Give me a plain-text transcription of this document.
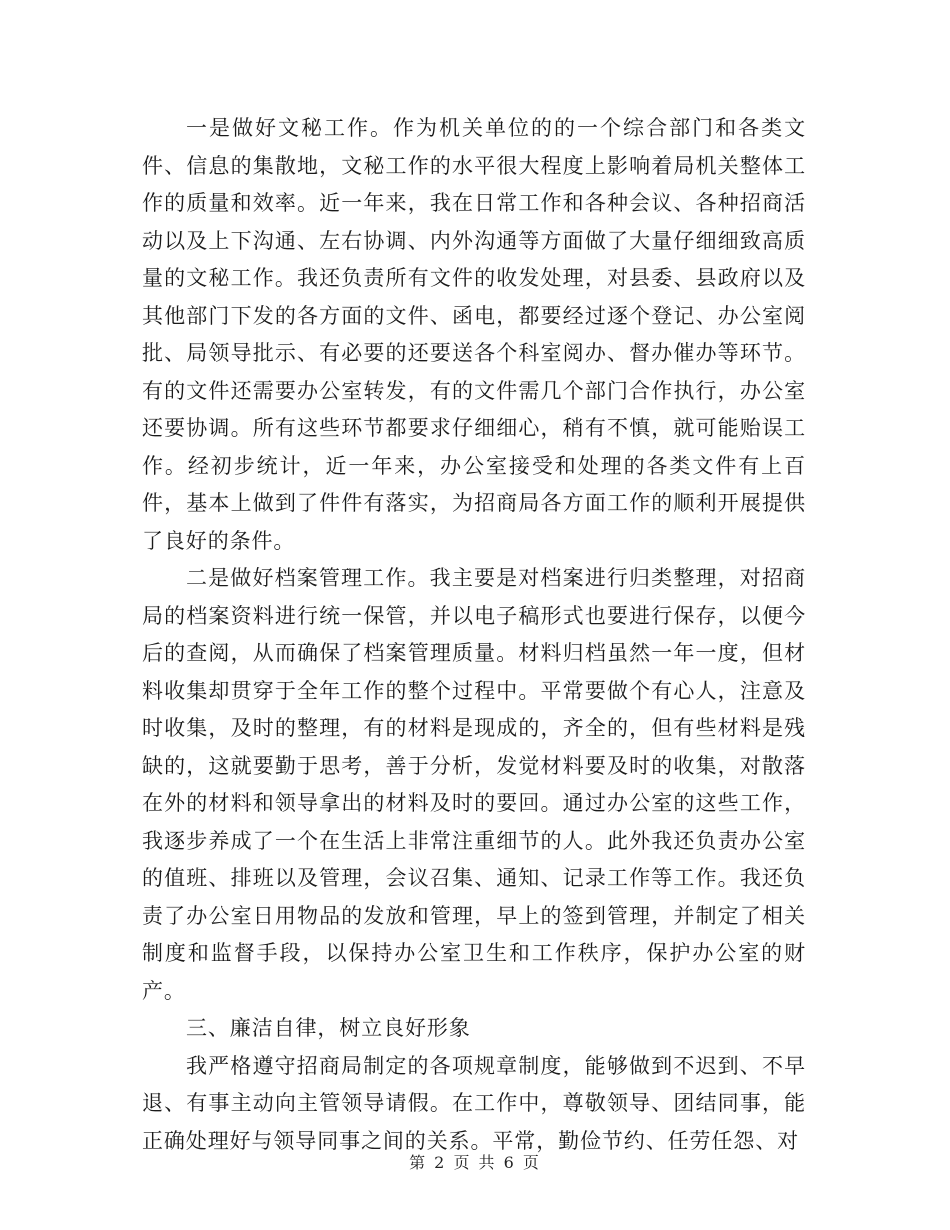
一是做好文秘工作。作为机关单位的的一个综合部门和各类文件、信息的集散地，文秘工作的水平很大程度上影响着局机关整体工作的质量和效率。近一年来，我在日常工作和各种会议、各种招商活动以及上下沟通、左右协调、内外沟通等方面做了大量仔细细致高质量的文秘工作。我还负责所有文件的收发处理，对县委、县政府以及其他部门下发的各方面的文件、函电，都要经过逐个登记、办公室阅批、局领导批示、有必要的还要送各个科室阅办、督办催办等环节。有的文件还需要办公室转发，有的文件需几个部门合作执行，办公室还要协调。所有这些环节都要求仔细细心，稍有不慎，就可能贻误工作。经初步统计，近一年来，办公室接受和处理的各类文件有上百件，基本上做到了件件有落实，为招商局各方面工作的顺利开展提供了良好的条件。

二是做好档案管理工作。我主要是对档案进行归类整理，对招商局的档案资料进行统一保管，并以电子稿形式也要进行保存，以便今后的查阅，从而确保了档案管理质量。材料归档虽然一年一度，但材料收集却贯穿于全年工作的整个过程中。平常要做个有心人，注意及时收集，及时的整理，有的材料是现成的，齐全的，但有些材料是残缺的，这就要勤于思考，善于分析，发觉材料要及时的收集，对散落在外的材料和领导拿出的材料及时的要回。通过办公室的这些工作，我逐步养成了一个在生活上非常注重细节的人。此外我还负责办公室的值班、排班以及管理，会议召集、通知、记录工作等工作。我还负责了办公室日用物品的发放和管理，早上的签到管理，并制定了相关制度和监督手段，以保持办公室卫生和工作秩序，保护办公室的财产。

三、廉洁自律，树立良好形象

我严格遵守招商局制定的各项规章制度，能够做到不迟到、不早退、有事主动向主管领导请假。在工作中，尊敬领导、团结同事，能正确处理好与领导同事之间的关系。平常，勤俭节约、任劳任怨、对

第 2 页 共 6 页
